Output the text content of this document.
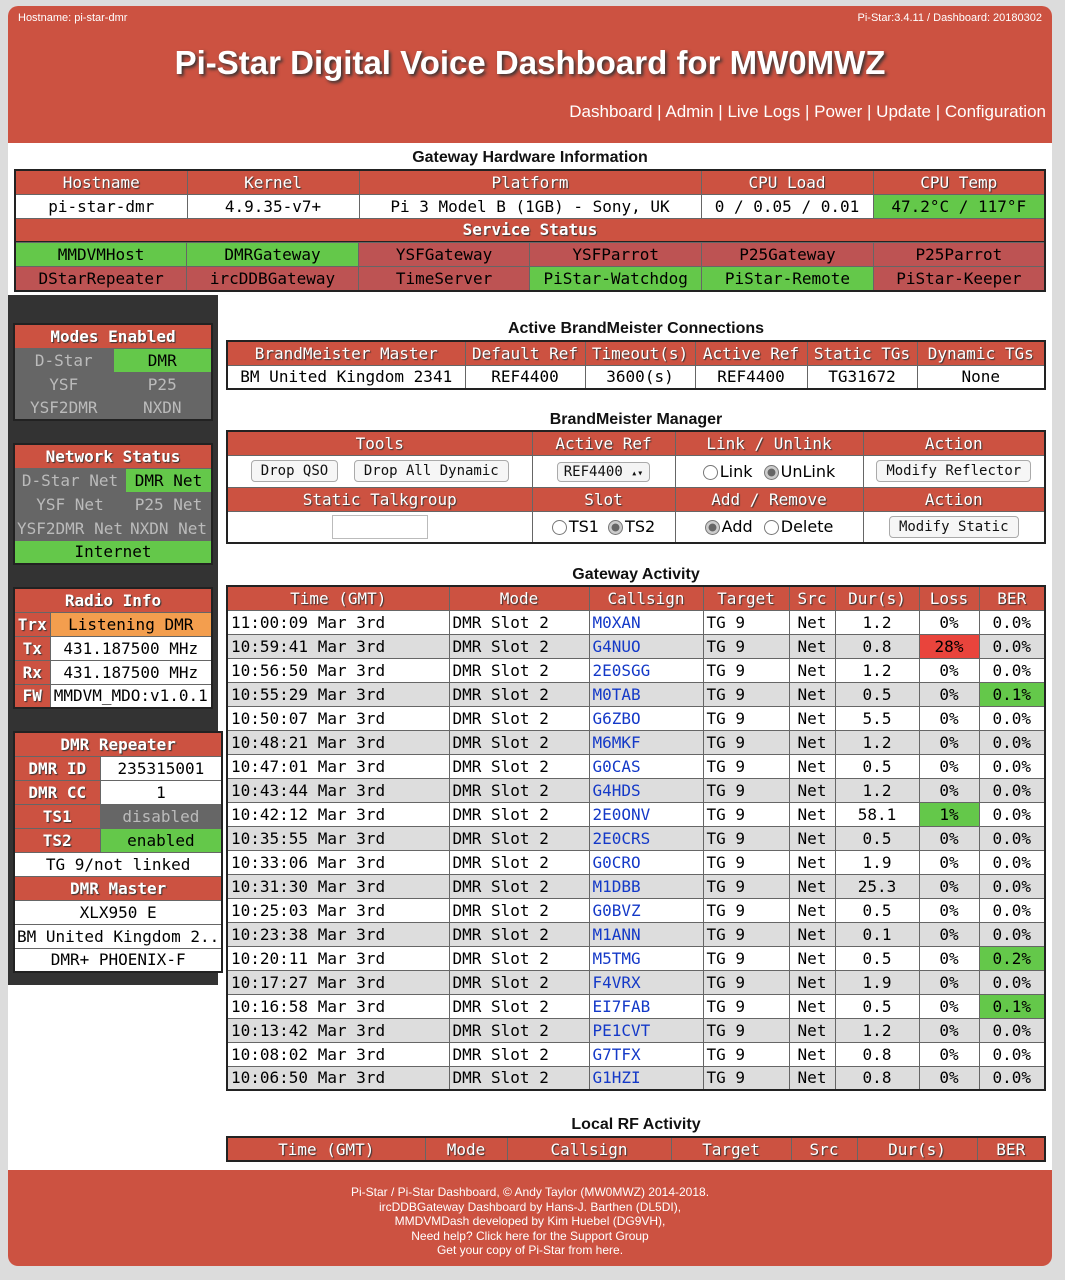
Hostname: pi-star-dmr	Pi-Star:3.4.11 / Dashboard: 20180302
Pi-Star Digital Voice Dashboard for MW0MWZ
Dashboard | Admin | Live Logs | Power | Update | Configuration
Gateway Hardware Information
Hostname	Kernel	Platform	CPU Load	CPU Temp
pi-star-dmr	4.9.35-v7+	Pi 3 Model B (1GB) - Sony, UK	0 / 0.05 / 0.01	47.2°C / 117°F
Service Status				
MMDVMHost	DMRGateway	YSFGateway	YSFParrot	P25Gateway	P25Parrot
DStarRepeater	ircDDBGateway	TimeServer	PiStar-Watchdog	PiStar-Remote	PiStar-Keeper
Modes Enabled	
D-Star	DMR
YSF	P25
YSF2DMR	NXDN
Network Status	
D-Star Net	DMR Net
YSF Net	P25 Net
YSF2DMR Net	NXDN Net
Internet	
Radio Info	
Trx	Listening DMR
Tx	431.187500 MHz
Rx	431.187500 MHz
FW	MMDVM_MDO:v1.0.1
DMR Repeater	
DMR ID	235315001
DMR CC	1
TS1	disabled
TS2	enabled
TG 9/not linked	
DMR Master	
XLX950 E	
BM United Kingdom 2..	
DMR+ PHOENIX-F	
Active BrandMeister Connections
BrandMeister Master	Default Ref	Timeout(s)	Active Ref	Static TGs	Dynamic TGs
BM United Kingdom 2341	REF4400	3600(s)	REF4400	TG31672	None
BrandMeister Manager
Tools	Active Ref	Link / Unlink	Action
Drop QSO Drop All Dynamic	REF4400 ▴▾	Link UnLink	Modify Reflector
Static Talkgroup	Slot	Add / Remove	Action
	TS1 TS2	Add Delete	Modify Static
Gateway Activity
Time (GMT)	Mode	Callsign	Target	Src	Dur(s)	Loss	BER
11:00:09 Mar 3rd	DMR Slot 2	M0XAN	TG 9	Net	1.2	0%	0.0%
10:59:41 Mar 3rd	DMR Slot 2	G4NUO	TG 9	Net	0.8	28%	0.0%
10:56:50 Mar 3rd	DMR Slot 2	2E0SGG	TG 9	Net	1.2	0%	0.0%
10:55:29 Mar 3rd	DMR Slot 2	M0TAB	TG 9	Net	0.5	0%	0.1%
10:50:07 Mar 3rd	DMR Slot 2	G6ZBO	TG 9	Net	5.5	0%	0.0%
10:48:21 Mar 3rd	DMR Slot 2	M6MKF	TG 9	Net	1.2	0%	0.0%
10:47:01 Mar 3rd	DMR Slot 2	G0CAS	TG 9	Net	0.5	0%	0.0%
10:43:44 Mar 3rd	DMR Slot 2	G4HDS	TG 9	Net	1.2	0%	0.0%
10:42:12 Mar 3rd	DMR Slot 2	2E0ONV	TG 9	Net	58.1	1%	0.0%
10:35:55 Mar 3rd	DMR Slot 2	2E0CRS	TG 9	Net	0.5	0%	0.0%
10:33:06 Mar 3rd	DMR Slot 2	G0CRO	TG 9	Net	1.9	0%	0.0%
10:31:30 Mar 3rd	DMR Slot 2	M1DBB	TG 9	Net	25.3	0%	0.0%
10:25:03 Mar 3rd	DMR Slot 2	G0BVZ	TG 9	Net	0.5	0%	0.0%
10:23:38 Mar 3rd	DMR Slot 2	M1ANN	TG 9	Net	0.1	0%	0.0%
10:20:11 Mar 3rd	DMR Slot 2	M5TMG	TG 9	Net	0.5	0%	0.2%
10:17:27 Mar 3rd	DMR Slot 2	F4VRX	TG 9	Net	1.9	0%	0.0%
10:16:58 Mar 3rd	DMR Slot 2	EI7FAB	TG 9	Net	0.5	0%	0.1%
10:13:42 Mar 3rd	DMR Slot 2	PE1CVT	TG 9	Net	1.2	0%	0.0%
10:08:02 Mar 3rd	DMR Slot 2	G7TFX	TG 9	Net	0.8	0%	0.0%
10:06:50 Mar 3rd	DMR Slot 2	G1HZI	TG 9	Net	0.8	0%	0.0%
Local RF Activity
Time (GMT)	Mode	Callsign	Target	Src	Dur(s)	BER
Pi-Star / Pi-Star Dashboard, © Andy Taylor (MW0MWZ) 2014-2018.
ircDDBGateway Dashboard by Hans-J. Barthen (DL5DI),
MMDVMDash developed by Kim Huebel (DG9VH),
Need help? Click here for the Support Group
Get your copy of Pi-Star from here.
